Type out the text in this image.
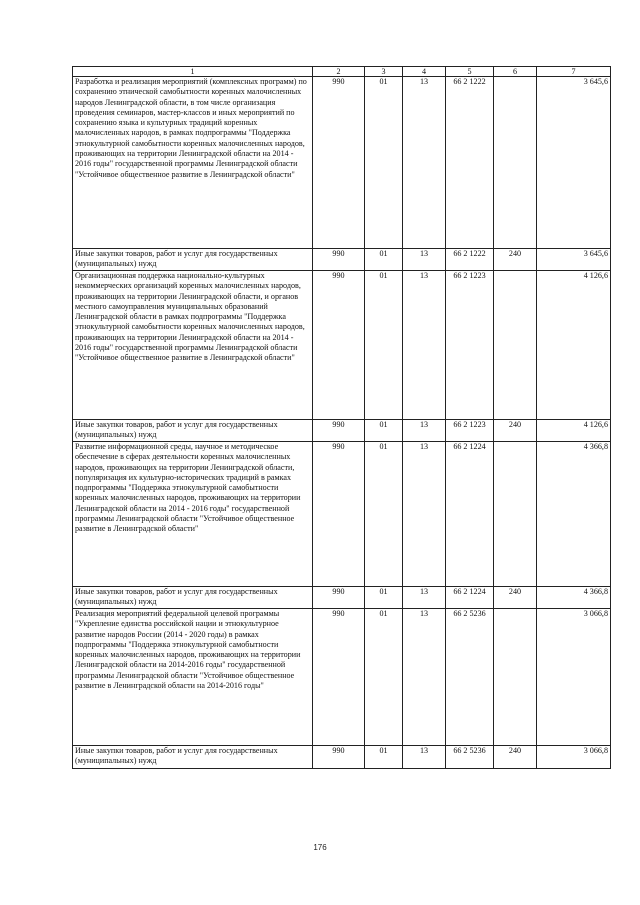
1	2	3	4	5	6	7
Разработка и реализация мероприятий (комплексных программ) по сохранению этнической самобытности коренных малочисленных народов Ленинградской области, в том числе организация проведения семинаров, мастер-классов и иных мероприятий по сохранению языка и культурных традиций коренных малочисленных народов, в рамках подпрограммы "Поддержка этнокультурной самобытности коренных малочисленных народов, проживающих на территории Ленинградской области на 2014 - 2016 годы" государственной программы Ленинградской области "Устойчивое общественное развитие в Ленинградской области"	990	01	13	66 2 1222		3 645,6
Иные закупки товаров, работ и услуг для государственных (муниципальных) нужд	990	01	13	66 2 1222	240	3 645,6
Организационная поддержка национально-культурных некоммерческих организаций коренных малочисленных народов, проживающих на территории Ленинградской области, и органов местного самоуправления муниципальных образований Ленинградской области в рамках подпрограммы "Поддержка этнокультурной самобытности коренных малочисленных народов, проживающих на территории Ленинградской области на 2014 - 2016 годы" государственной программы Ленинградской области "Устойчивое общественное развитие в Ленинградской области"	990	01	13	66 2 1223		4 126,6
Иные закупки товаров, работ и услуг для государственных (муниципальных) нужд	990	01	13	66 2 1223	240	4 126,6
Развитие информационной среды, научное и методическое обеспечение в сферах деятельности коренных малочисленных народов, проживающих на территории Ленинградской области, популяризация их культурно-исторических традиций в рамках подпрограммы "Поддержка этнокультурной самобытности коренных малочисленных народов, проживающих на территории Ленинградской области на 2014 - 2016 годы" государственной программы Ленинградской области "Устойчивое общественное развитие в Ленинградской области"	990	01	13	66 2 1224		4 366,8
Иные закупки товаров, работ и услуг для государственных (муниципальных) нужд	990	01	13	66 2 1224	240	4 366,8
Реализация мероприятий федеральной целевой программы "Укрепление единства российской нации и этнокультурное развитие народов России (2014 - 2020 годы) в рамках подпрограммы "Поддержка этнокультурной самобытности коренных малочисленных народов, проживающих на территории Ленинградской области на 2014-2016 годы" государственной программы Ленинградской области "Устойчивое общественное развитие в Ленинградской области на 2014-2016 годы"	990	01	13	66 2 5236		3 066,8
Иные закупки товаров, работ и услуг для государственных (муниципальных) нужд	990	01	13	66 2 5236	240	3 066,8
176
